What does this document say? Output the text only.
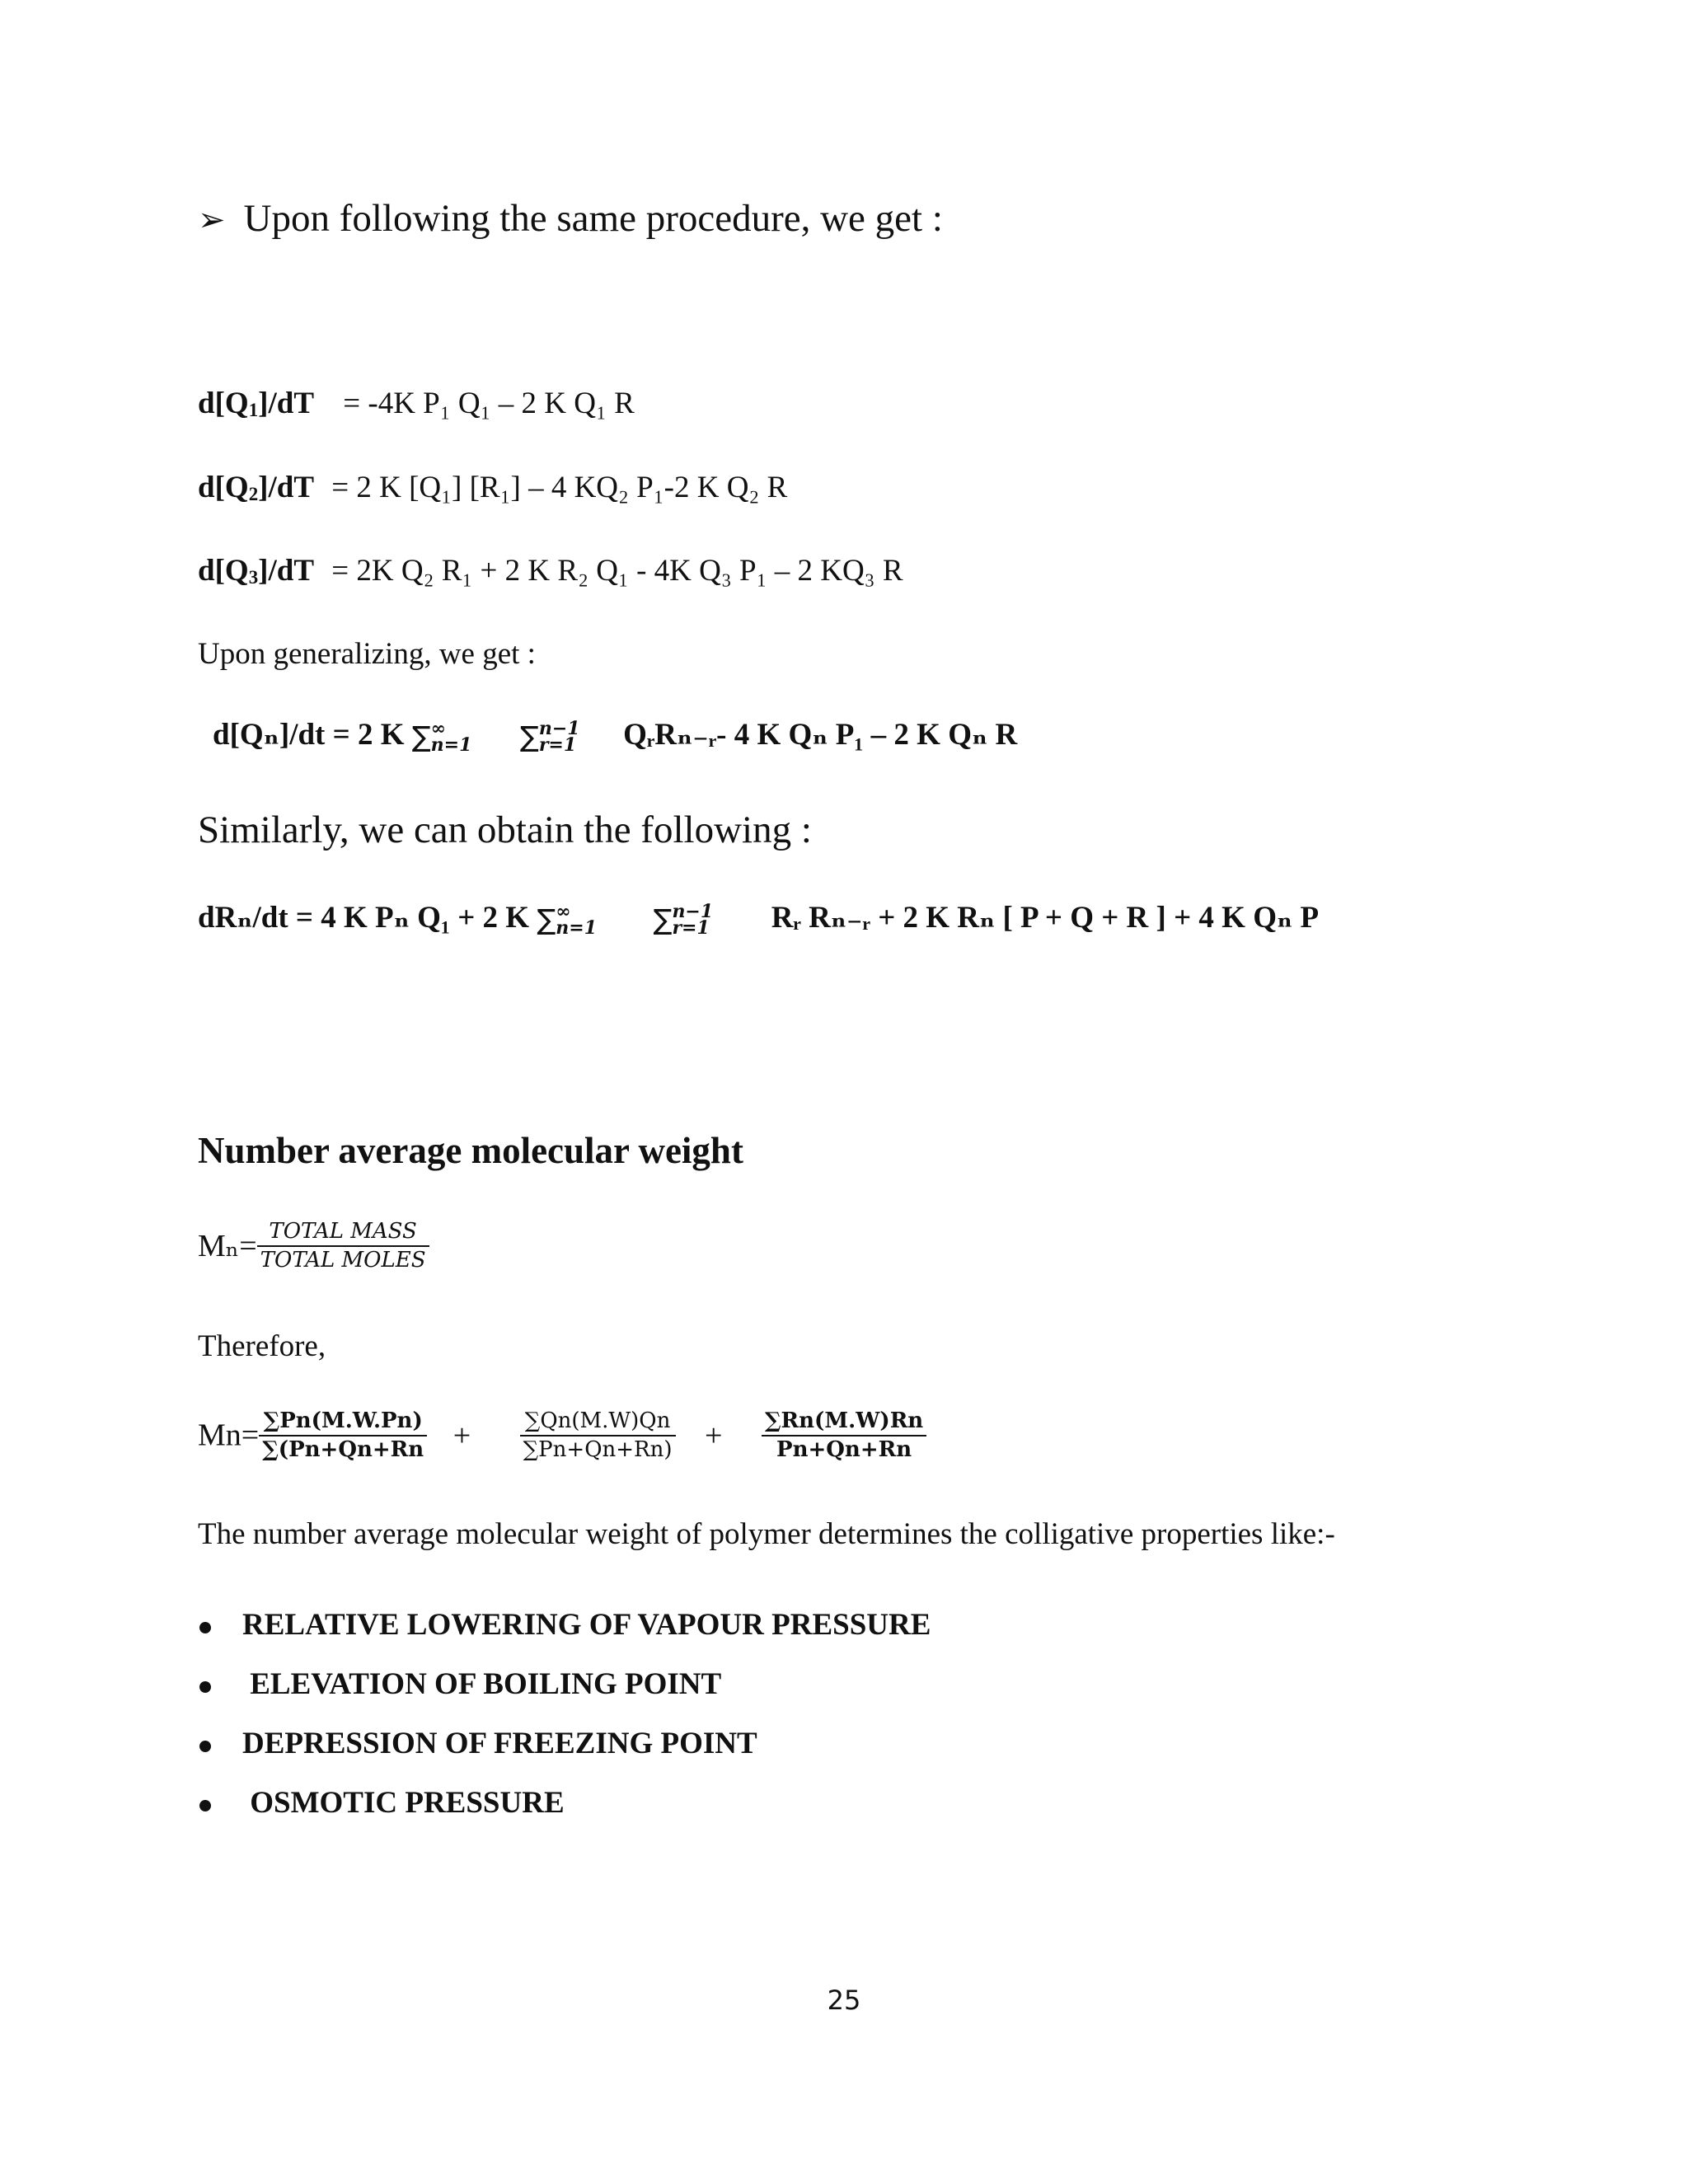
➢ Upon following the same procedure, we get :
$d[Q_1]/dT = -4K$ P₁ Q₁ – 2 K Q₁ R
$d[Q_2]/dT = 2$ K [Q₁] [R₁] – 4 KQ₂ P₁-2 K Q₂ R
$d[Q_3]/dT = 2K$ Q₂ R₁ + 2 K R₂ Q₁ - 4K Q₃ P₁ – 2 KQ₃ R
Upon generalizing, we get :
d[Qₙ]/dt = 2 K ∑ ∞
n=1 ∑ n−1
r=1 QᵣRₙ₋ᵣ- 4 K Qₙ P₁ – 2 K Qₙ R
Similarly, we can obtain the following :
dRₙ/dt = 4 K Pₙ Q₁ + 2 K ∑ ∞
n=1 ∑ n−1
r=1 Rᵣ Rₙ₋ᵣ + 2 K Rₙ [ P + Q + R ] + 4 K Qₙ P
Number average molecular weight
$M_n= \frac{\text{TOTAL MASS}}{\text{TOTAL MOLES}}$
Therefore,
$Mn= \frac{\sum Pn(M.W.Pn)}{\sum(Pn+Qn+Rn} + \frac{\sum Qn(M.W)Qn}{\sum Pn+Qn+Rn)} + \frac{\sum Rn(M.W)Rn}{Pn+Qn+Rn}$
The number average molecular weight of polymer determines the colligative properties like:-
RELATIVE LOWERING OF VAPOUR PRESSURE
ELEVATION OF BOILING POINT
DEPRESSION OF FREEZING POINT
OSMOTIC PRESSURE
25
